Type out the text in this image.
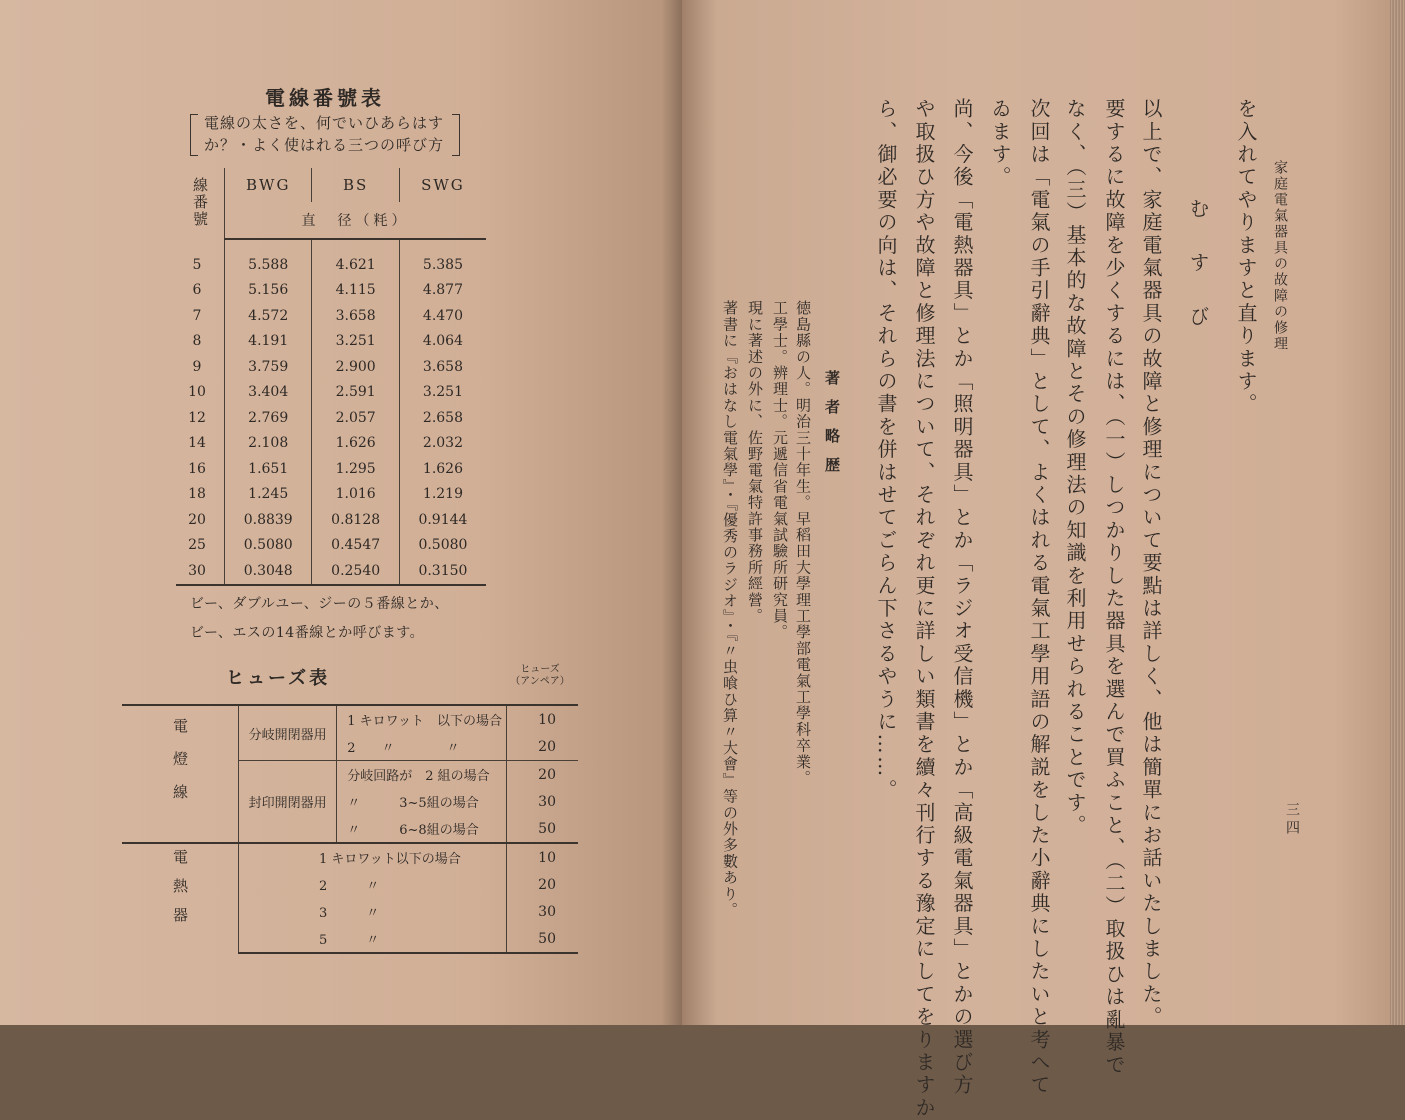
電線番號表
電線の太さを、何でいひあらはす
か？・よく使はれる三つの呼び方
線番號	BWG	BS	SWG
	直　径（粍）		

5	5.588	4.621	5.385
6	5.156	4.115	4.877
7	4.572	3.658	4.470
8	4.191	3.251	4.064
9	3.759	2.900	3.658
10	3.404	2.591	3.251
12	2.769	2.057	2.658
14	2.108	1.626	2.032
16	1.651	1.295	1.626
18	1.245	1.016	1.219
20	0.8839	0.8128	0.9144
25	0.5080	0.4547	0.5080
30	0.3048	0.2540	0.3150
ビー、ダブルユー、ジーの５番線とか、
ビー、エスの14番線とか呼びます。
ヒューズ表	ヒューズ
（アンペア）
電燈線	分岐開閉器用	1 キロワット　以下の場合	10
		2　　〃　　　　〃	20
	封印開閉器用	分岐回路が　2 組の場合	20
		〃　　　3~5組の場合	30
		〃　　　6~8組の場合	50
電熱器	1 キロワット以下の場合		10
	2　　　〃		20
	3　　　〃		30
	5　　　〃		50
家庭電氣器具の故障の修理
三四
を入れてやりますと直ります。
むすび
以上で、家庭電氣器具の故障と修理について要點は詳しく、他は簡單にお話いたしました。
要するに故障を少くするには、（一）しつかりした器具を選んで買ふこと、（二）取扱ひは亂暴で
なく、（三）基本的な故障とその修理法の知識を利用せられることです。
次回は「電氣の手引辭典」として、よくはれる電氣工學用語の解説をした小辭典にしたいと考へて
ゐます。
尚、今後「電熱器具」とか「照明器具」とか「ラジオ受信機」とか「高級電氣器具」とかの選び方
や取扱ひ方や故障と修理法について、それぞれ更に詳しい類書を續々刊行する豫定にしてをりますか
ら、御必要の向は、それらの書を併はせてごらん下さるやうに……。
著者略歴
徳島縣の人。明治三十年生。早稻田大學理工學部電氣工學科卒業。
工學士。辨理士。元遞信省電氣試驗所研究員。
現に著述の外に、佐野電氣特許事務所經營。
著書に『おはなし電氣學』・『優秀のラジオ』・『〃虫喰ひ算〃大會』等の外多數あり。
